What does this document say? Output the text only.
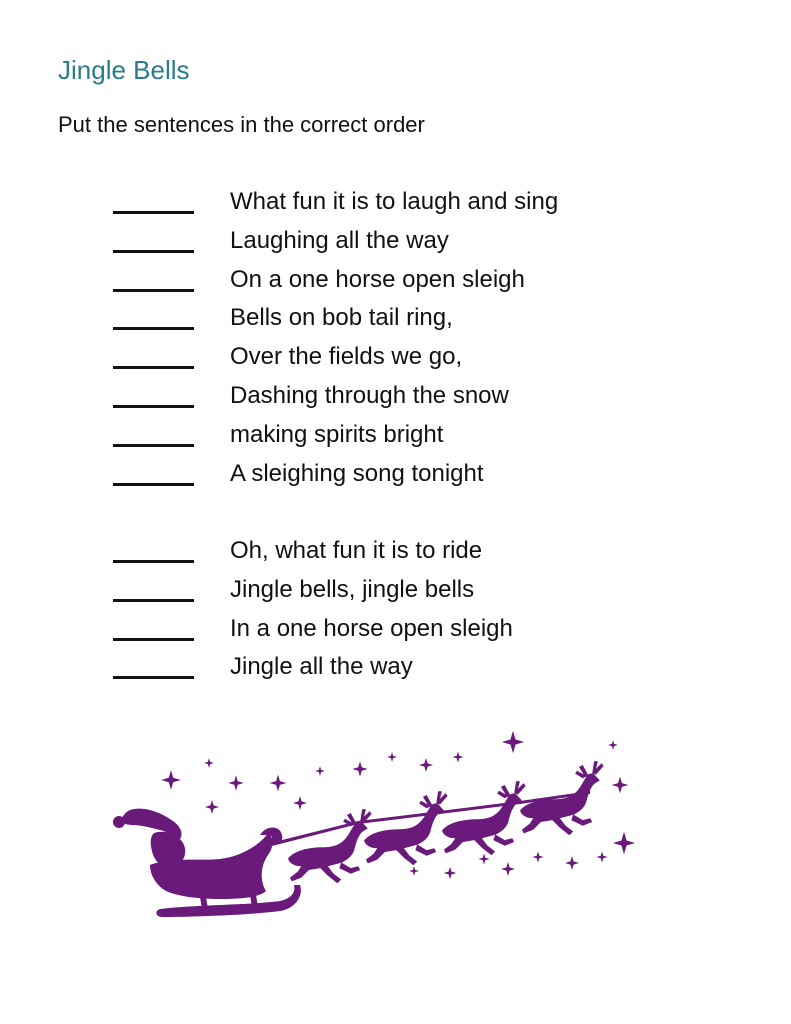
Jingle Bells
Put the sentences in the correct order
What fun it is to laugh and sing
Laughing all the way
On a one horse open sleigh
Bells on bob tail ring,
Over the fields we go,
Dashing through the snow
making spirits bright
A sleighing song tonight
Oh, what fun it is to ride
Jingle bells, jingle bells
In a one horse open sleigh
Jingle all the way
